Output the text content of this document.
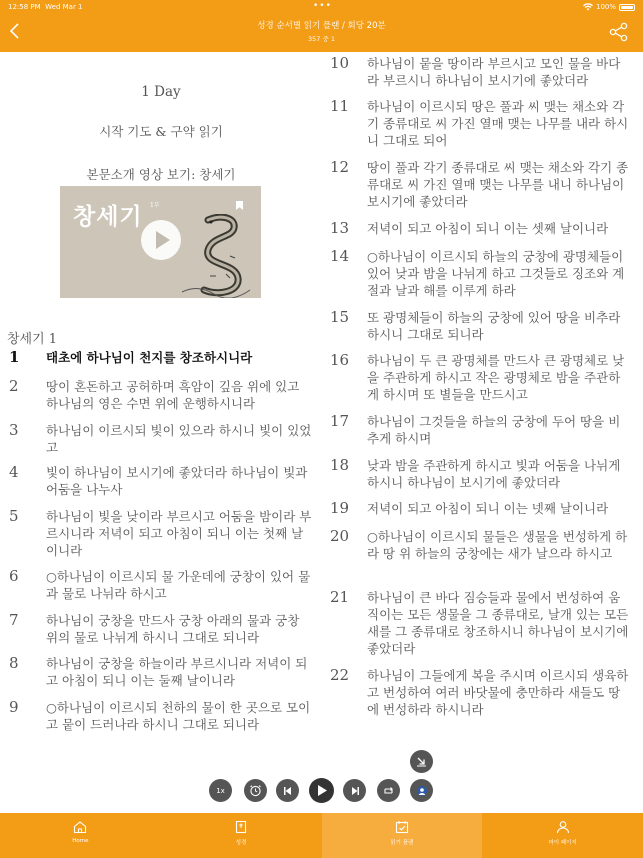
12:58 PM Wed Mar 1	•••	100%
성경 순서별 읽기 플랜 / 회당 20분
357 중 1
1 Day
시작 기도 & 구약 읽기
본문소개 영상 보기: 창세기
창세기 1부
창세기 1
1	태초에 하나님이 천지를 창조하시니라
2	땅이 혼돈하고 공허하며 흑암이 깊음 위에 있고 하나님의 영은 수면 위에 운행하시니라
3	하나님이 이르시되 빛이 있으라 하시니 빛이 있었고
4	빛이 하나님이 보시기에 좋았더라 하나님이 빛과 어둠을 나누사
5	하나님이 빛을 낮이라 부르시고 어둠을 밤이라 부르시니라 저녁이 되고 아침이 되니 이는 첫째 날이니라
6	○하나님이 이르시되 물 가운데에 궁창이 있어 물과 물로 나뉘라 하시고
7	하나님이 궁창을 만드사 궁창 아래의 물과 궁창 위의 물로 나뉘게 하시니 그대로 되니라
8	하나님이 궁창을 하늘이라 부르시니라 저녁이 되고 아침이 되니 이는 둘째 날이니라
9	○하나님이 이르시되 천하의 물이 한 곳으로 모이고 뭍이 드러나라 하시니 그대로 되니라
10	하나님이 뭍을 땅이라 부르시고 모인 물을 바다라 부르시니 하나님이 보시기에 좋았더라
11	하나님이 이르시되 땅은 풀과 씨 맺는 채소와 각기 종류대로 씨 가진 열매 맺는 나무를 내라 하시니 그대로 되어
12	땅이 풀과 각기 종류대로 씨 맺는 채소와 각기 종류대로 씨 가진 열매 맺는 나무를 내니 하나님이 보시기에 좋았더라
13	저녁이 되고 아침이 되니 이는 셋째 날이니라
14	○하나님이 이르시되 하늘의 궁창에 광명체들이 있어 낮과 밤을 나뉘게 하고 그것들로 징조와 계절과 날과 해를 이루게 하라
15	또 광명체들이 하늘의 궁창에 있어 땅을 비추라 하시니 그대로 되니라
16	하나님이 두 큰 광명체를 만드사 큰 광명체로 낮을 주관하게 하시고 작은 광명체로 밤을 주관하게 하시며 또 별들을 만드시고
17	하나님이 그것들을 하늘의 궁창에 두어 땅을 비추게 하시며
18	낮과 밤을 주관하게 하시고 빛과 어둠을 나뉘게 하시니 하나님이 보시기에 좋았더라
19	저녁이 되고 아침이 되니 이는 넷째 날이니라
20	○하나님이 이르시되 물들은 생물을 번성하게 하라 땅 위 하늘의 궁창에는 새가 날으라 하시고
21	하나님이 큰 바다 짐승들과 물에서 번성하여 움직이는 모든 생물을 그 종류대로, 날개 있는 모든 새를 그 종류대로 창조하시니 하나님이 보시기에 좋았더라
22	하나님이 그들에게 복을 주시며 이르시되 생육하고 번성하여 여러 바닷물에 충만하라 새들도 땅에 번성하라 하시니라
1x
Home	성경	읽기 플랜	마이 페이지
